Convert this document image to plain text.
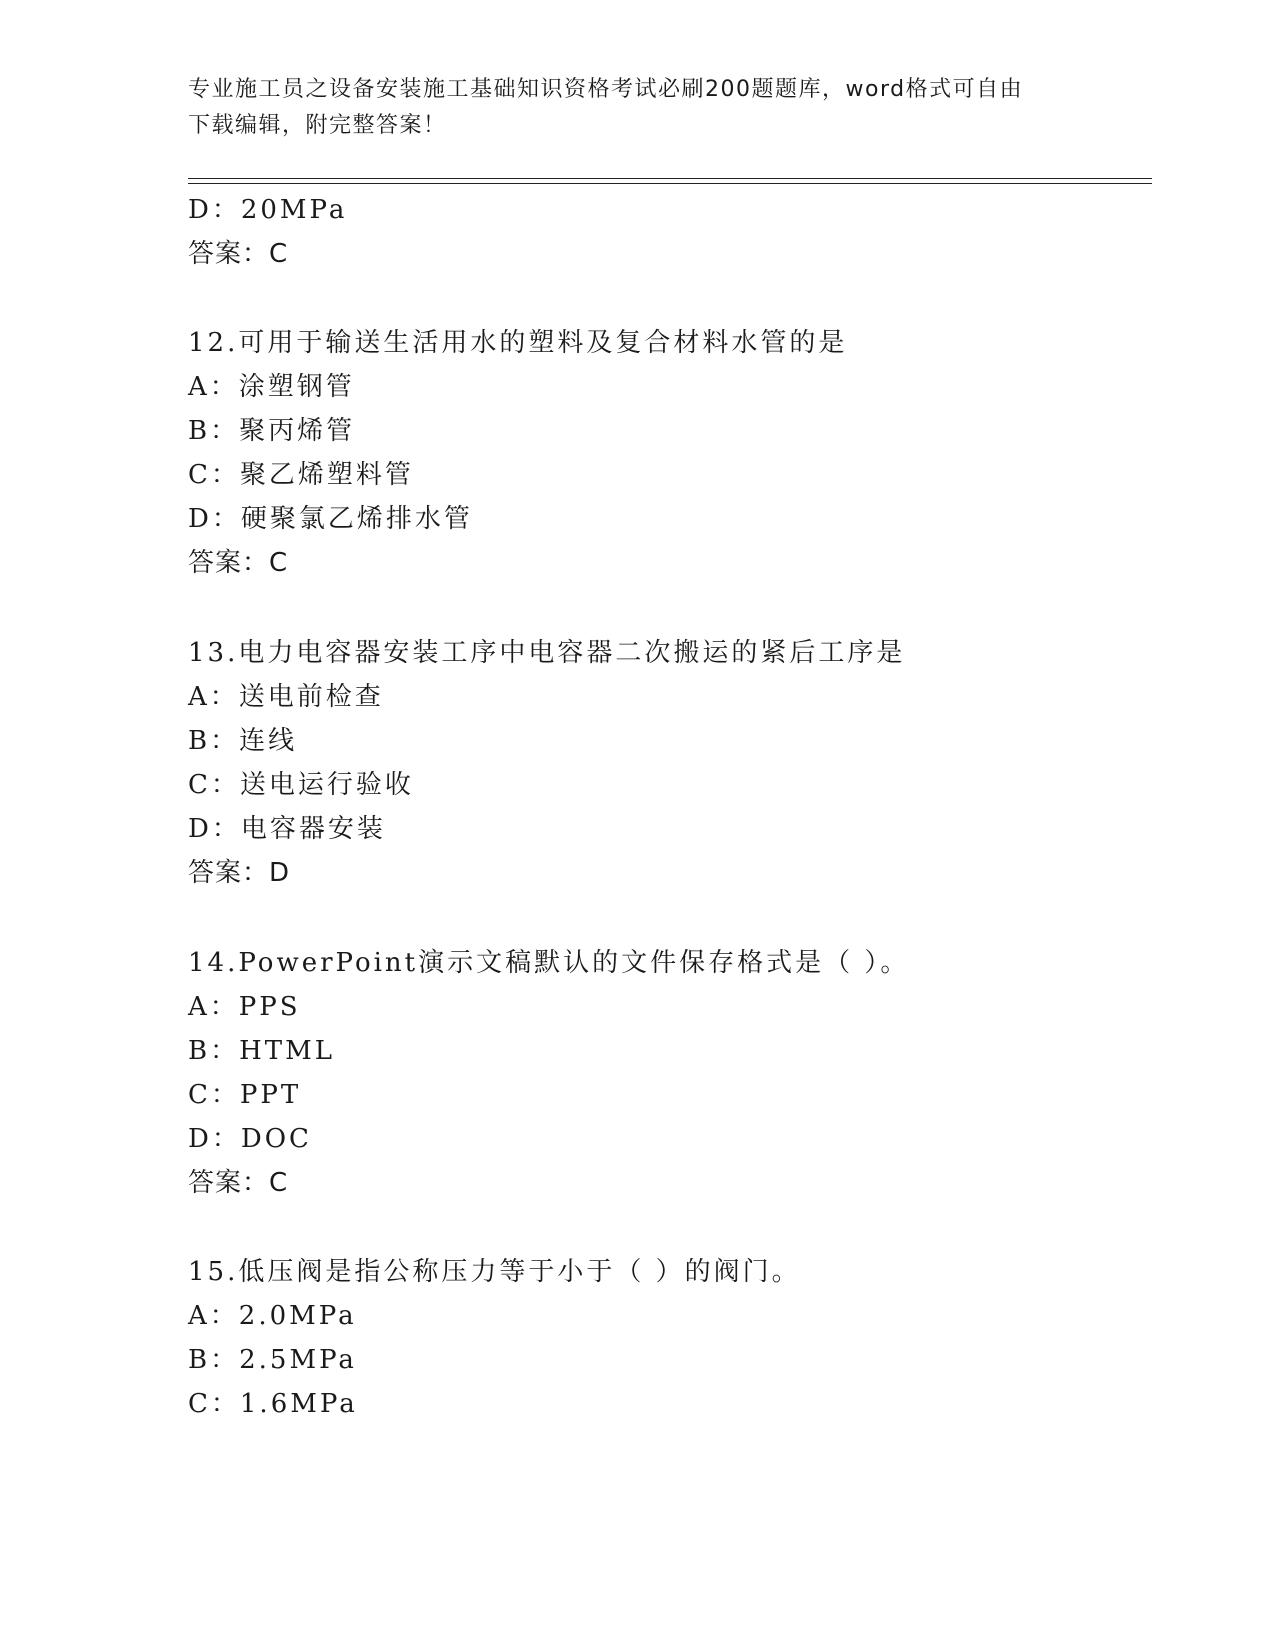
专业施工员之设备安装施工基础知识资格考试必刷200题题库，word格式可自由
下载编辑，附完整答案！
D：20MPa
答案：C
12.可用于输送生活用水的塑料及复合材料水管的是
A：涂塑钢管
B：聚丙烯管
C：聚乙烯塑料管
D：硬聚氯乙烯排水管
答案：C
13.电力电容器安装工序中电容器二次搬运的紧后工序是
A：送电前检查
B：连线
C：送电运行验收
D：电容器安装
答案：D
14.PowerPoint演示文稿默认的文件保存格式是（ ）。
A：PPS
B：HTML
C：PPT
D：DOC
答案：C
15.低压阀是指公称压力等于小于（ ）的阀门。
A：2.0MPa
B：2.5MPa
C：1.6MPa
